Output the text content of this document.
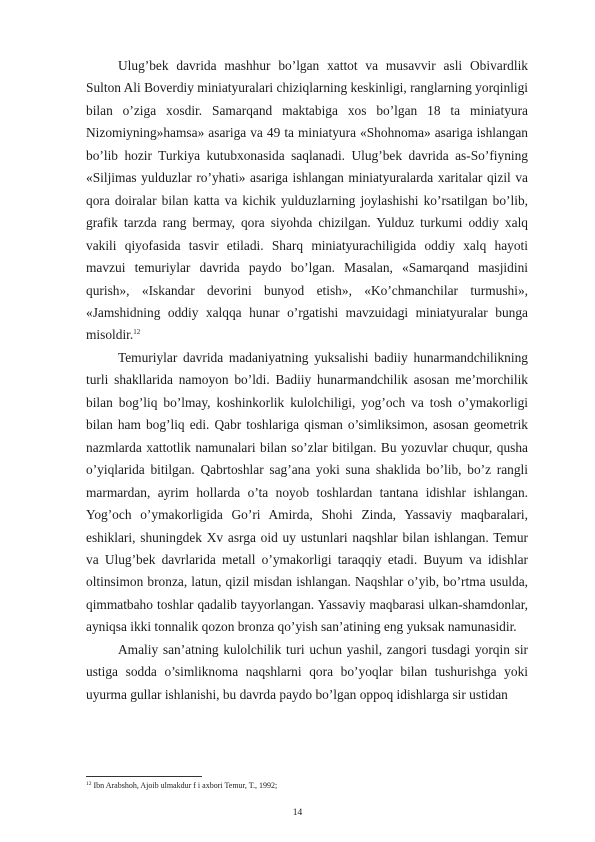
Ulug’bek davrida mashhur bo’lgan xattot va musavvir asli Obivardlik Sulton Ali Boverdiy miniatyuralari chiziqlarning keskinligi, ranglarning yorqinligi bilan o’ziga xosdir. Samarqand maktabiga xos bo’lgan 18 ta miniatyura Nizomiyning»hamsa» asariga va 49 ta miniatyura «Shohnoma» asariga ishlangan bo’lib hozir Turkiya kutubxonasida saqlanadi. Ulug’bek davrida as-So’fiyning «Siljimas yulduzlar ro’yhati» asariga ishlangan miniatyuralarda xaritalar qizil va qora doiralar bilan katta va kichik yulduzlarning joylashishi ko’rsatilgan bo’lib, grafik tarzda rang bermay, qora siyohda chizilgan. Yulduz turkumi oddiy xalq vakili qiyofasida tasvir etiladi. Sharq miniatyurachiligida oddiy xalq hayoti mavzui temuriylar davrida paydo bo’lgan. Masalan, «Samarqand masjidini qurish», «Iskandar devorini bunyod etish», «Ko’chmanchilar turmushi», «Jamshidning oddiy xalqqa hunar o’rgatishi mavzuidagi miniatyuralar bunga misoldir.$^{12}$

Temuriylar davrida madaniyatning yuksalishi badiiy hunarmandchilikning turli shakllarida namoyon bo’ldi. Badiiy hunarmandchilik asosan me’morchilik bilan bog’liq bo’lmay, koshinkorlik kulolchiligi, yog’och va tosh o’ymakorligi bilan ham bog’liq edi. Qabr toshlariga qisman o’simliksimon, asosan geometrik nazmlarda xattotlik namunalari bilan so’zlar bitilgan. Bu yozuvlar chuqur, qusha o’yiqlarida bitilgan. Qabrtoshlar sag’ana yoki suna shaklida bo’lib, bo’z rangli marmardan, ayrim hollarda o’ta noyob toshlardan tantana idishlar ishlangan. Yog’och o’ymakorligida Go’ri Amirda, Shohi Zinda, Yassaviy maqbaralari, eshiklari, shuningdek Xv asrga oid uy ustunlari naqshlar bilan ishlangan. Temur va Ulug’bek davrlarida metall o’ymakorligi taraqqiy etadi. Buyum va idishlar oltinsimon bronza, latun, qizil misdan ishlangan. Naqshlar o’yib, bo’rtma usulda, qimmatbaho toshlar qadalib tayyorlangan. Yassaviy maqbarasi ulkan-shamdonlar, ayniqsa ikki tonnalik qozon bronza qo’yish san’atining eng yuksak namunasidir.

Amaliy san’atning kulolchilik turi uchun yashil, zangori tusdagi yorqin sir ustiga sodda o’simliknoma naqshlarni qora bo’yoqlar bilan tushurishga yoki uyurma gullar ishlanishi, bu davrda paydo bo’lgan oppoq idishlarga sir ustidan

$^{12}$ Ibn Arabshoh, Ajoib ulmakdur f i axbori Temur, T., 1992;
14
